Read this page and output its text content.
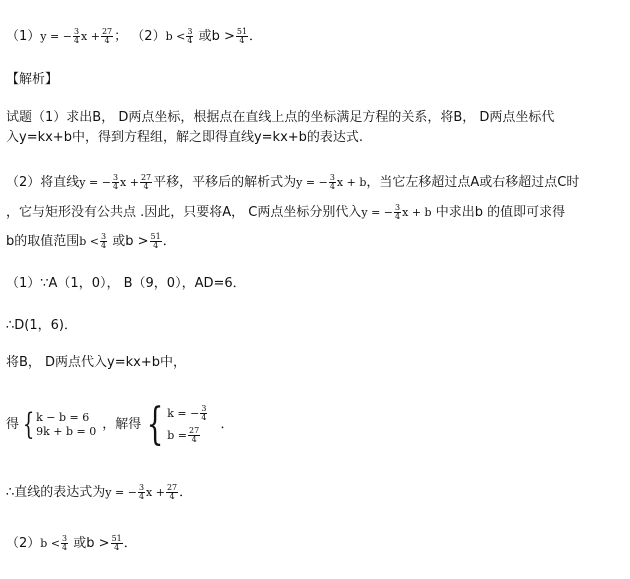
（1）y = − $\frac{3}{4}$ $x + \frac{27}{4}$ ； $(2)b < \frac{3}{4}$ 或$b > \frac{51}{4}$ ．
【解析】
试题（1）求出B， D两点坐标，根据点在直线上点的坐标满足方程的关系，将B， D两点坐标代
入y=kx+b中，得到方程组，解之即得直线y=kx+b的表达式.
（2）将直线y = − $\frac{3}{4}$ $x + \frac{27}{4}$ 平移，平移后的解析式为y = − $\frac{3}{4}$ x + b，当它左移超过点A或右移超过点C时
，它与矩形没有公共点 .因此，只要将A， C两点坐标分别代入y = − $\frac{3}{4}$ x + b 中求出b 的值即可求得
b的取值范围$b < \frac{3}{4}$ 或$b > \frac{51}{4}$ ．
（1）∵A（1，0）， B（9，0），AD=6．
∴D(1，6)．
将B， D两点代入y=kx+b中，
得 { k − b = 6
9k + b = 0 ，解得 { k = − $\frac{3}{4}$
$b = \frac{27}{4}$
．
∴直线的表达式为y = − $\frac{3}{4}$ $x + \frac{27}{4}$ ．
$(2)b < \frac{3}{4}$ 或$b > \frac{51}{4}$ ．
